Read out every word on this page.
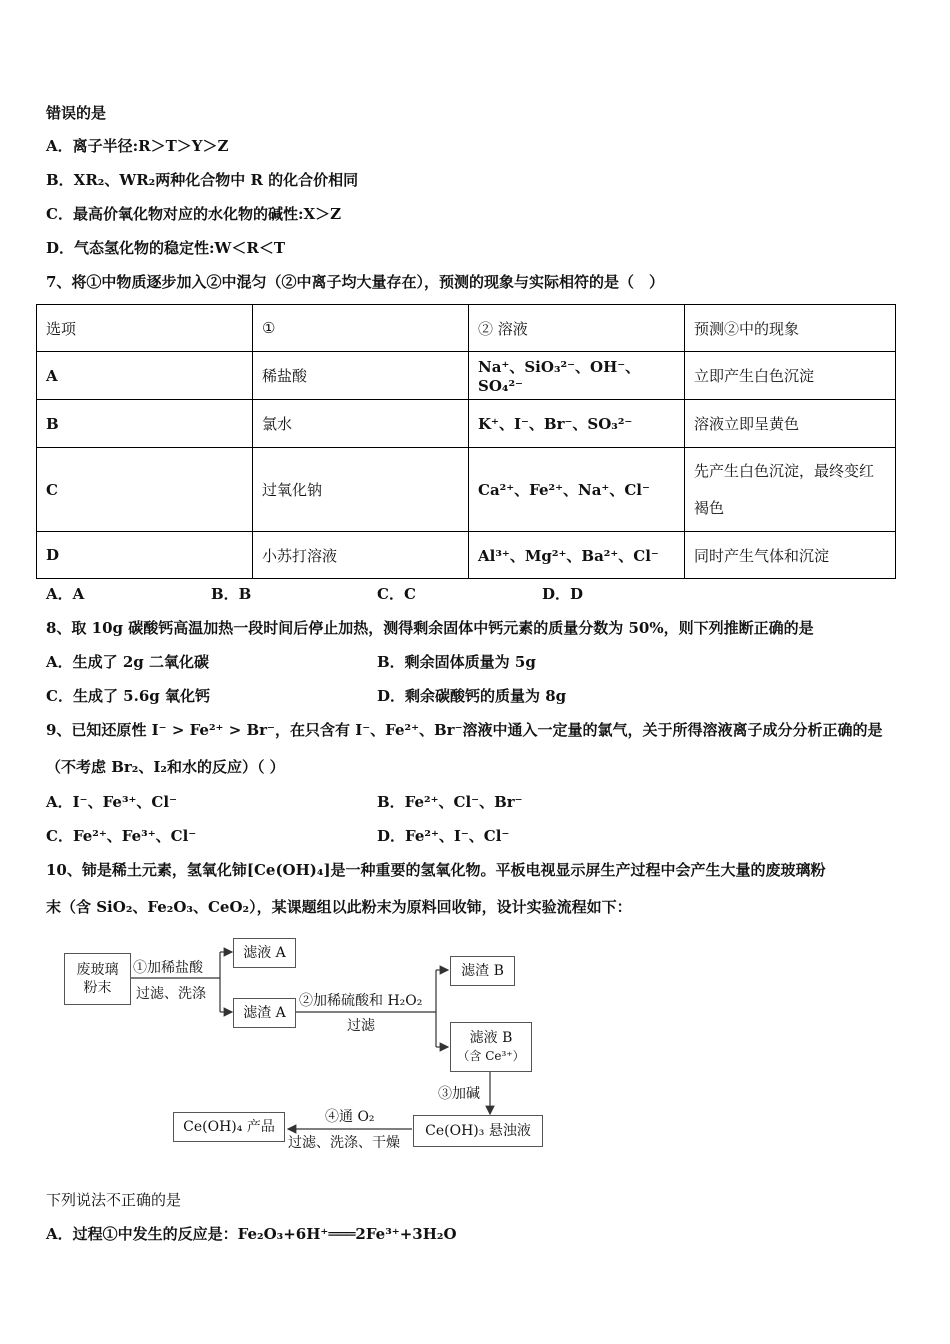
错误的是
A．离子半径:R＞T＞Y＞Z
B．XR₂、WR₂两种化合物中 R 的化合价相同
C．最高价氧化物对应的水化物的碱性:X＞Z
D．气态氢化物的稳定性:W＜R＜T
7、将①中物质逐步加入②中混匀（②中离子均大量存在），预测的现象与实际相符的是（　）
选项	①	② 溶液	预测②中的现象
A	稀盐酸	Na⁺、SiO₃²⁻、OH⁻、SO₄²⁻	立即产生白色沉淀
B	氯水	K⁺、I⁻、Br⁻、SO₃²⁻	溶液立即呈黄色
C	过氧化钠	Ca²⁺、Fe²⁺、Na⁺、Cl⁻	先产生白色沉淀，最终变红褐色
D	小苏打溶液	Al³⁺、Mg²⁺、Ba²⁺、Cl⁻	同时产生气体和沉淀
A．A	B．B	C．C	D．D
8、取 10g 碳酸钙高温加热一段时间后停止加热，测得剩余固体中钙元素的质量分数为 50%，则下列推断正确的是
A．生成了 2g 二氧化碳	B．剩余固体质量为 5g
C．生成了 5.6g 氧化钙	D．剩余碳酸钙的质量为 8g
9、已知还原性 I⁻ > Fe²⁺ > Br⁻，在只含有 I⁻、Fe²⁺、Br⁻溶液中通入一定量的氯气，关于所得溶液离子成分分析正确的是
（不考虑 Br₂、I₂和水的反应）（ ）
A．I⁻、Fe³⁺、Cl⁻	B．Fe²⁺、Cl⁻、Br⁻
C．Fe²⁺、Fe³⁺、Cl⁻	D．Fe²⁺、I⁻、Cl⁻
10、铈是稀土元素，氢氧化铈[Ce(OH)₄]是一种重要的氢氧化物。平板电视显示屏生产过程中会产生大量的废玻璃粉
末（含 SiO₂、Fe₂O₃、CeO₂），某课题组以此粉末为原料回收铈，设计实验流程如下：
废玻璃粉末
①加稀盐酸
过滤、洗涤
滤液 A
滤渣 A
②加稀硫酸和 H₂O₂
过滤
滤渣 B
滤液 B
（含 Ce³⁺）
③加碱
Ce(OH)₃ 悬浊液
④通 O₂
过滤、洗涤、干燥
Ce(OH)₄ 产品
下列说法不正确的是
A．过程①中发生的反应是：Fe₂O₃+6H⁺═══2Fe³⁺+3H₂O
